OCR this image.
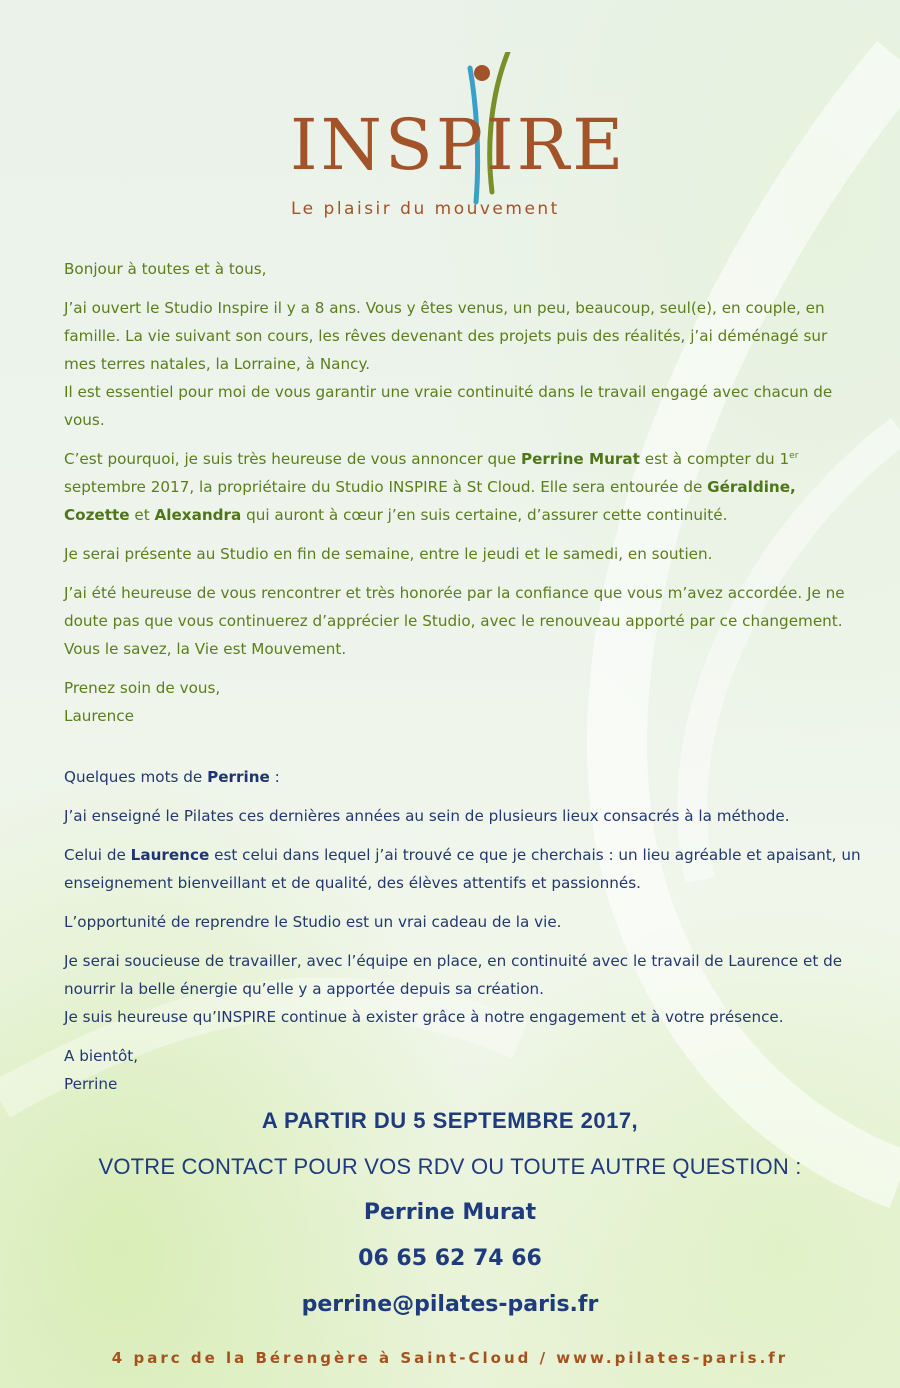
INSPIRE
Le plaisir du mouvement

Bonjour à toutes et à tous,

J’ai ouvert le Studio Inspire il y a 8 ans. Vous y êtes venus, un peu, beaucoup, seul(e), en couple, en famille. La vie suivant son cours, les rêves devenant des projets puis des réalités, j’ai déménagé sur mes terres natales, la Lorraine, à Nancy.
Il est essentiel pour moi de vous garantir une vraie continuité dans le travail engagé avec chacun de vous.

C’est pourquoi, je suis très heureuse de vous annoncer que Perrine Murat est à compter du 1er septembre 2017, la propriétaire du Studio INSPIRE à St Cloud. Elle sera entourée de Géraldine, Cozette et Alexandra qui auront à cœur j’en suis certaine, d’assurer cette continuité.

Je serai présente au Studio en fin de semaine, entre le jeudi et le samedi, en soutien.

J’ai été heureuse de vous rencontrer et très honorée par la confiance que vous m’avez accordée. Je ne doute pas que vous continuerez d’apprécier le Studio, avec le renouveau apporté par ce changement. Vous le savez, la Vie est Mouvement.

Prenez soin de vous,
Laurence

Quelques mots de Perrine :

J’ai enseigné le Pilates ces dernières années au sein de plusieurs lieux consacrés à la méthode.

Celui de Laurence est celui dans lequel j’ai trouvé ce que je cherchais : un lieu agréable et apaisant, un enseignement bienveillant et de qualité, des élèves attentifs et passionnés.

L’opportunité de reprendre le Studio est un vrai cadeau de la vie.

Je serai soucieuse de travailler, avec l’équipe en place, en continuité avec le travail de Laurence et de nourrir la belle énergie qu’elle y a apportée depuis sa création.
Je suis heureuse qu’INSPIRE continue à exister grâce à notre engagement et à votre présence.

A bientôt,
Perrine

A PARTIR DU 5 SEPTEMBRE 2017,
VOTRE CONTACT POUR VOS RDV OU TOUTE AUTRE QUESTION :
Perrine Murat
06 65 62 74 66
perrine@pilates-paris.fr
4 parc de la Bérengère à Saint-Cloud / www.pilates-paris.fr
